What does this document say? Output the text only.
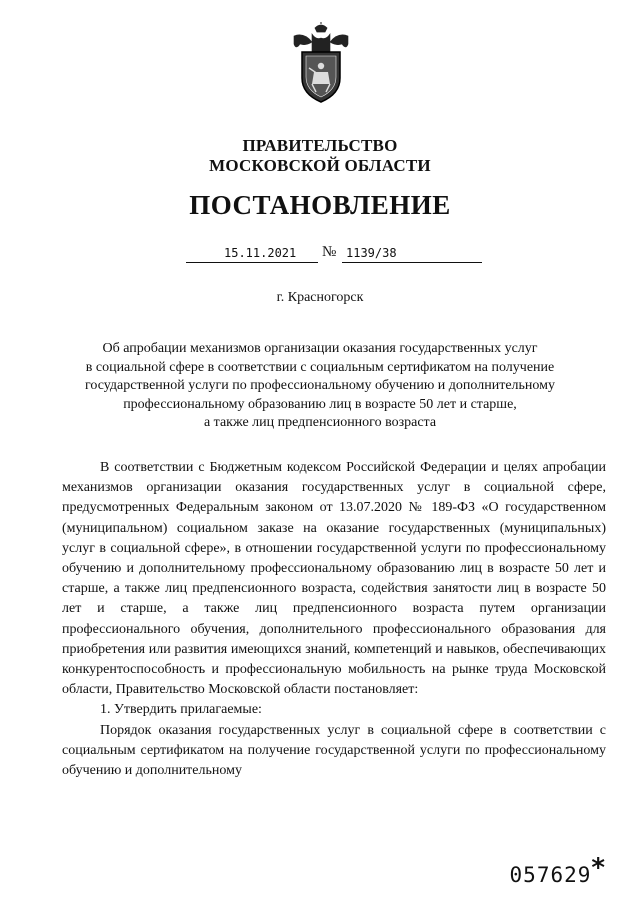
ПРАВИТЕЛЬСТВО
МОСКОВСКОЙ ОБЛАСТИ
ПОСТАНОВЛЕНИЕ
15.11.2021 № 1139/38
г. Красногорск
Об апробации механизмов организации оказания государственных услуг
в социальной сфере в соответствии с социальным сертификатом на получение
государственной услуги по профессиональному обучению и дополнительному
профессиональному образованию лиц в возрасте 50 лет и старше,
а также лиц предпенсионного возраста

В соответствии с Бюджетным кодексом Российской Федерации и целях апробации механизмов организации оказания государственных услуг в социальной сфере, предусмотренных Федеральным законом от 13.07.2020 № 189-ФЗ «О государственном (муниципальном) социальном заказе на оказание государственных (муниципальных) услуг в социальной сфере», в отношении государственной услуги по профессиональному обучению и дополнительному профессиональному образованию лиц в возрасте 50 лет и старше, а также лиц предпенсионного возраста, содействия занятости лиц в возрасте 50 лет и старше, а также лиц предпенсионного возраста путем организации профессионального обучения, дополнительного профессионального образования для приобретения или развития имеющихся знаний, компетенций и навыков, обеспечивающих конкурентоспособность и профессиональную мобильность на рынке труда Московской области, Правительство Московской области постановляет:

1. Утвердить прилагаемые:

Порядок оказания государственных услуг в социальной сфере в соответствии с социальным сертификатом на получение государственной услуги по профессиональному обучению и дополнительному

057629*
